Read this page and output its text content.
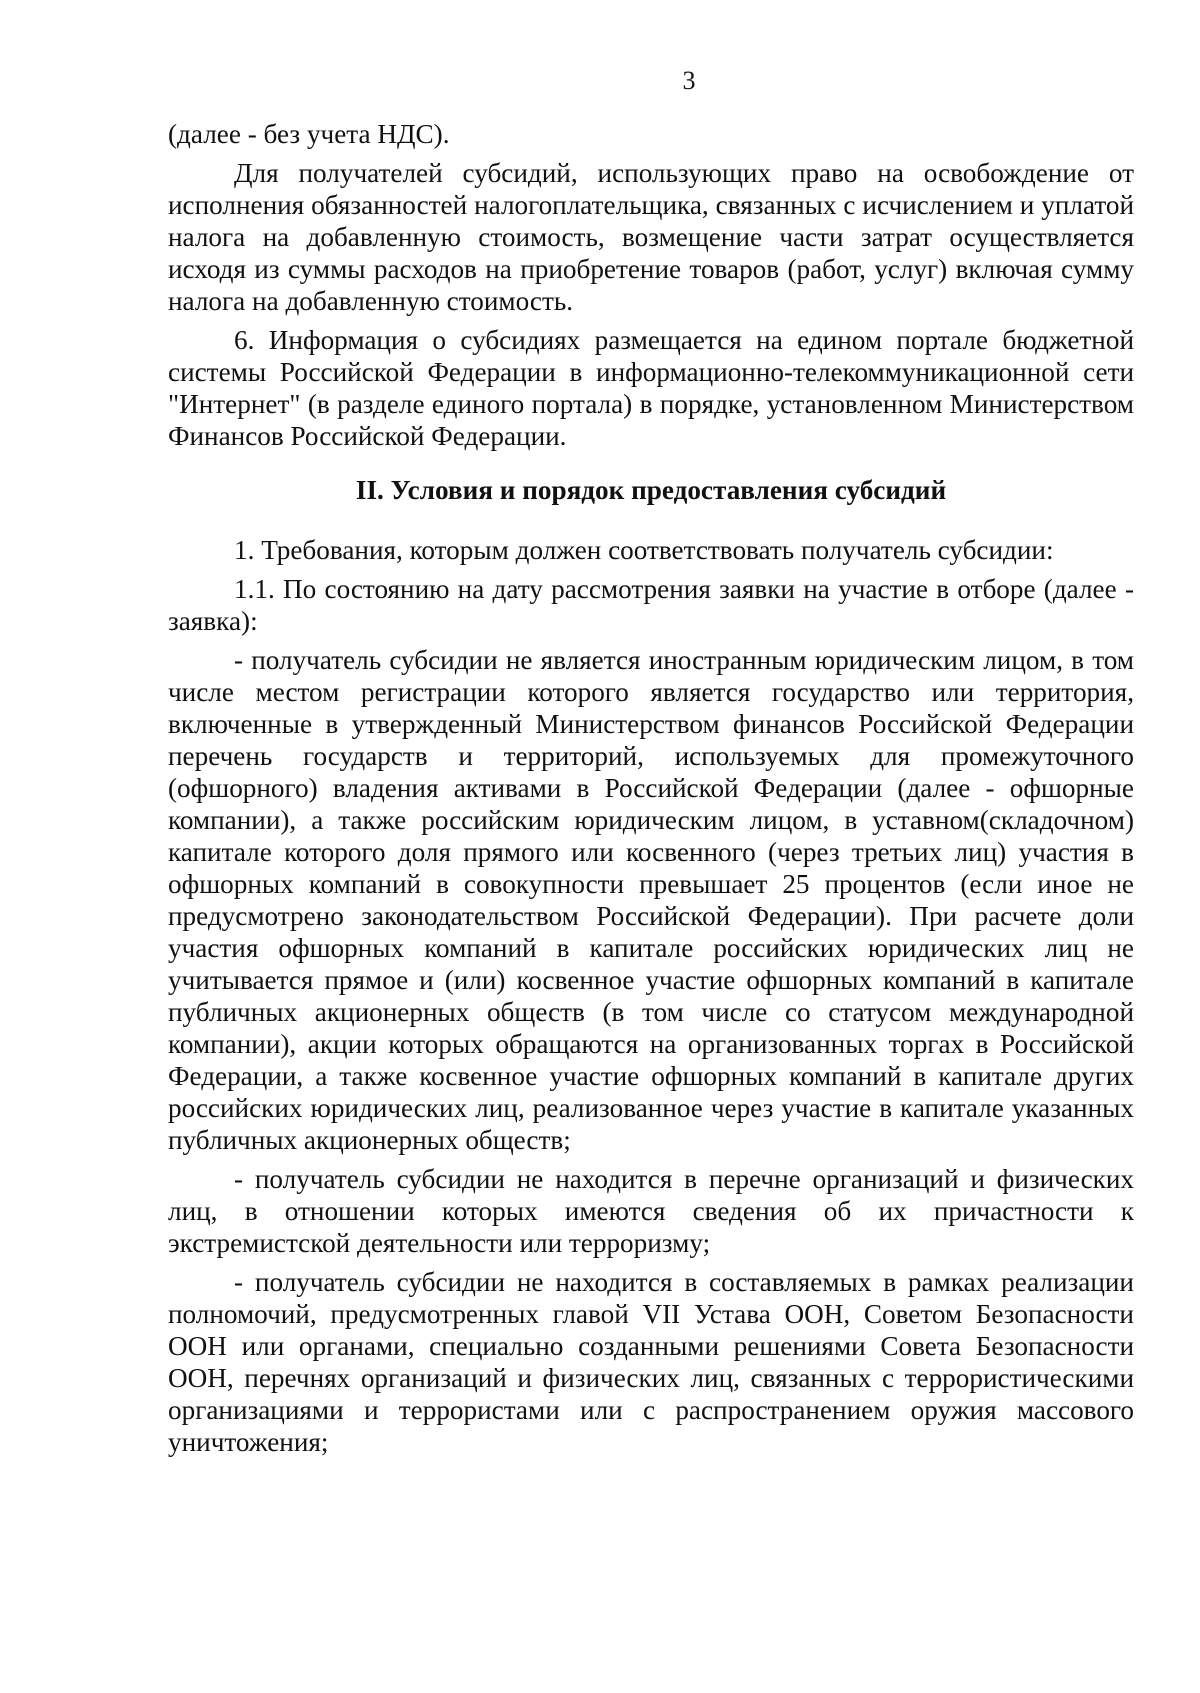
3

(далее - без учета НДС).

Для получателей субсидий, использующих право на освобождение от исполнения обязанностей налогоплательщика, связанных с исчислением и уплатой налога на добавленную стоимость, возмещение части затрат осуществляется исходя из суммы расходов на приобретение товаров (работ, услуг) включая сумму налога на добавленную стоимость.

6. Информация о субсидиях размещается на едином портале бюджетной системы Российской Федерации в информационно-телекоммуникационной сети "Интернет" (в разделе единого портала) в порядке, установленном Министерством Финансов Российской Федерации.

II. Условия и порядок предоставления субсидий

1. Требования, которым должен соответствовать получатель субсидии:

1.1. По состоянию на дату рассмотрения заявки на участие в отборе (далее - заявка):

- получатель субсидии не является иностранным юридическим лицом, в том числе местом регистрации которого является государство или территория, включенные в утвержденный Министерством финансов Российской Федерации перечень государств и территорий, используемых для промежуточного (офшорного) владения активами в Российской Федерации (далее - офшорные компании), а также российским юридическим лицом, в уставном(складочном) капитале которого доля прямого или косвенного (через третьих лиц) участия в офшорных компаний в совокупности превышает 25 процентов (если иное не предусмотрено законодательством Российской Федерации). При расчете доли участия офшорных компаний в капитале российских юридических лиц не учитывается прямое и (или) косвенное участие офшорных компаний в капитале публичных акционерных обществ (в том числе со статусом международной компании), акции которых обращаются на организованных торгах в Российской Федерации, а также косвенное участие офшорных компаний в капитале других российских юридических лиц, реализованное через участие в капитале указанных публичных акционерных обществ;

- получатель субсидии не находится в перечне организаций и физических лиц, в отношении которых имеются сведения об их причастности к экстремистской деятельности или терроризму;

- получатель субсидии не находится в составляемых в рамках реализации полномочий, предусмотренных главой VII Устава ООН, Советом Безопасности ООН или органами, специально созданными решениями Совета Безопасности ООН, перечнях организаций и физических лиц, связанных с террористическими организациями и террористами или с распространением оружия массового уничтожения;
